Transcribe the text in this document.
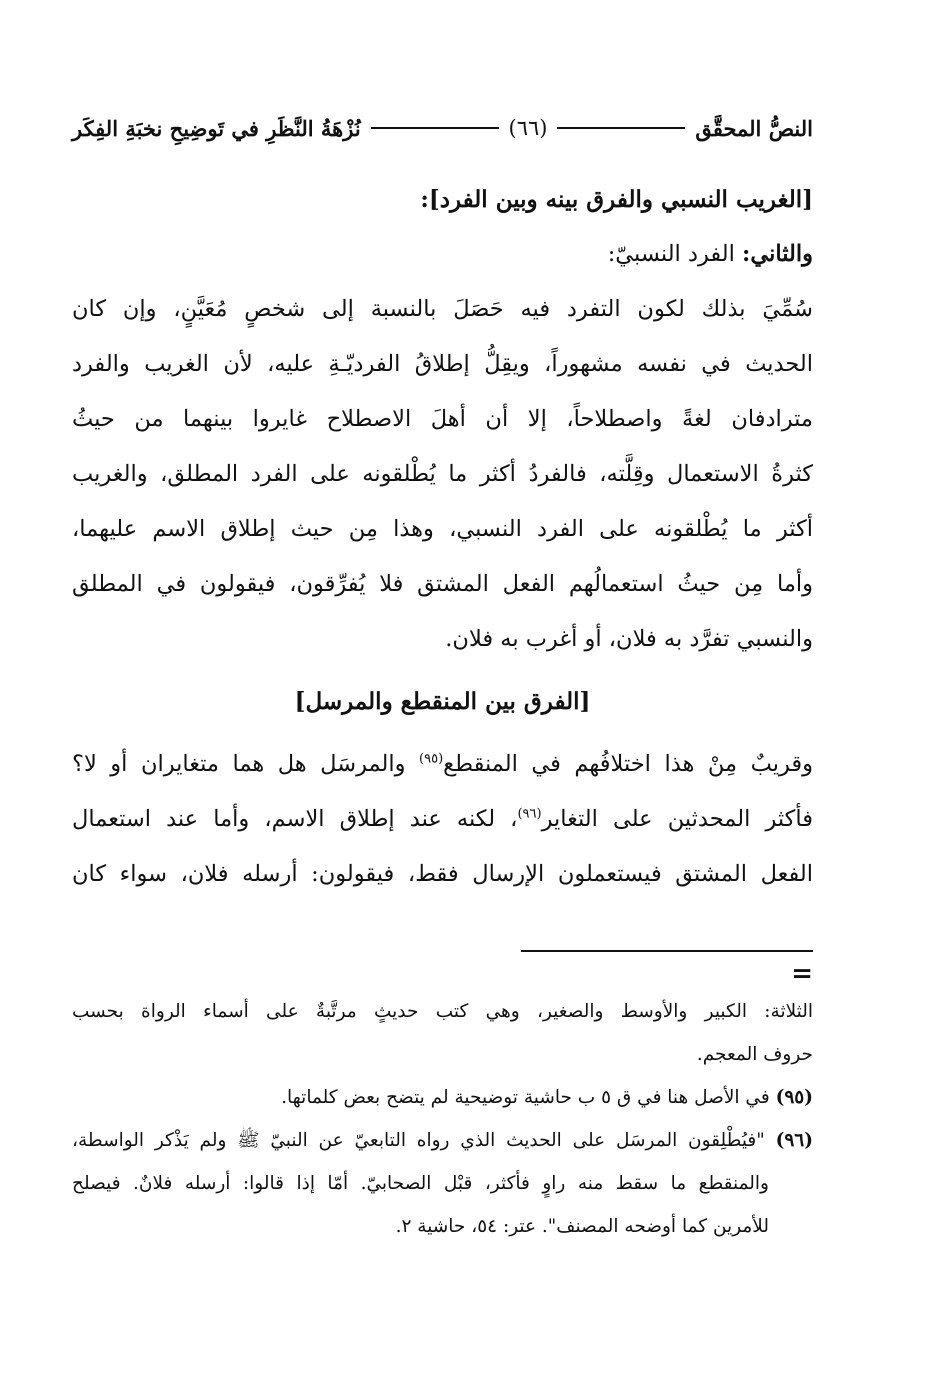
النصُّ المحقَّق
(٦٦)
نُزْهَةُ النَّظَرِ في تَوضِيحِ نخبَةِ الفِكَر
[الغريب النسبي والفرق بينه وبين الفرد]:
والثاني: الفرد النسبيّ:
سُمِّيَ بذلك لكون التفرد فيه حَصَلَ بالنسبة إلى شخصٍ مُعَيَّنٍ، وإن كان
الحديث في نفسه مشهوراً، ويقِلُّ إطلاقُ الفرديّـةِ عليه، لأن الغريب والفرد
مترادفان لغةً واصطلاحاً، إلا أن أهلَ الاصطلاح غايروا بينهما من حيثُ
كثرةُ الاستعمال وقِلَّته، فالفردُ أكثر ما يُطْلقونه على الفرد المطلق، والغريب
أكثر ما يُطْلقونه على الفرد النسبي، وهذا مِن حيث إطلاق الاسم عليهما،
وأما مِن حيثُ استعمالُهم الفعل المشتق فلا يُفرِّقون، فيقولون في المطلق
والنسبي تفرَّد به فلان، أو أغرب به فلان.
[الفرق بين المنقطع والمرسل]
وقريبٌ مِنْ هذا اختلافُهم في المنقطع$^{(٩٥)}$ والمرسَل هل هما متغايران أو لا؟
فأكثر المحدثين على التغاير$^{(٩٦)}$، لكنه عند إطلاق الاسم، وأما عند استعمال
الفعل المشتق فيستعملون الإرسال فقط، فيقولون: أرسله فلان، سواء كان
=
الثلاثة: الكبير والأوسط والصغير، وهي كتب حديثٍ مرتَّبةٌ على أسماء الرواة بحسب
حروف المعجم.
(٩٥) في الأصل هنا في ق ٥ ب حاشية توضيحية لم يتضح بعض كلماتها.
(٩٦) "فيُطْلِقون المرسَل على الحديث الذي رواه التابعيّ عن النبيّ ﷺ ولم يَذْكر الواسطة،
والمنقطع ما سقط منه راوٍ فأكثر، قبْل الصحابيّ. أمّا إذا قالوا: أرسله فلانٌ. فيصلح
للأمرين كما أوضحه المصنف". عتر: ٥٤، حاشية ٢.
